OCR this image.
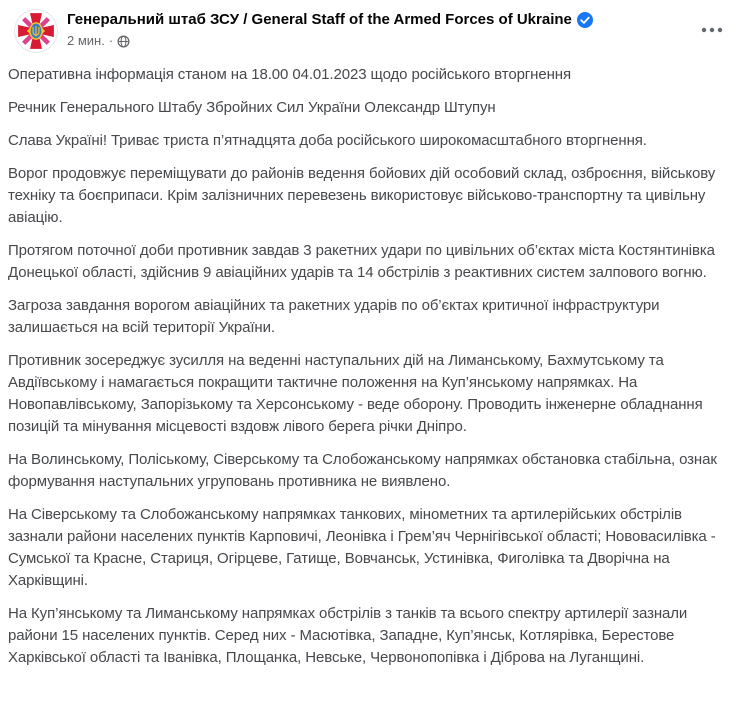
Генеральний штаб ЗСУ / General Staff of the Armed Forces of Ukraine
2 мин. ·

Оперативна інформація станом на 18.00 04.01.2023 щодо російського вторгнення

Речник Генерального Штабу Збройних Сил України Олександр Штупун

Слава Україні! Триває триста п’ятнадцята доба російського широкомасштабного вторгнення.

Ворог продовжує переміщувати до районів ведення бойових дій особовий склад, озброєння, військову техніку та боєприпаси. Крім залізничних перевезень використовує військово-транспортну та цивільну авіацію.

Протягом поточної доби противник завдав 3 ракетних удари по цивільних об’єктах міста Костянтинівка Донецької області, здійснив 9 авіаційних ударів та 14 обстрілів з реактивних систем залпового вогню.

Загроза завдання ворогом авіаційних та ракетних ударів по об’єктах критичної інфраструктури залишається на всій території України.

Противник зосереджує зусилля на веденні наступальних дій на Лиманському, Бахмутському та Авдіївському і намагається покращити тактичне положення на Куп’янському напрямках. На Новопавлівському, Запорізькому та Херсонському - веде оборону. Проводить інженерне обладнання позицій та мінування місцевості вздовж лівого берега річки Дніпро.

На Волинському, Поліському, Сіверському та Слобожанському напрямках обстановка стабільна, ознак формування наступальних угруповань противника не виявлено.

На Сіверському та Слобожанському напрямках танкових, мінометних та артилерійських обстрілів зазнали райони населених пунктів Карповичі, Леонівка і Грем’яч Чернігівської області; Нововасилівка - Сумської та Красне, Стариця, Огірцеве, Гатище, Вовчанськ, Устинівка, Фиголівка та Дворічна на Харківщині.

На Куп’янському та Лиманському напрямках обстрілів з танків та всього спектру артилерії зазнали райони 15 населених пунктів. Серед них - Масютівка, Западне, Куп’янськ, Котлярівка, Берестове Харківської області та Іванівка, Площанка, Невське, Червонопопівка і Діброва на Луганщині.
